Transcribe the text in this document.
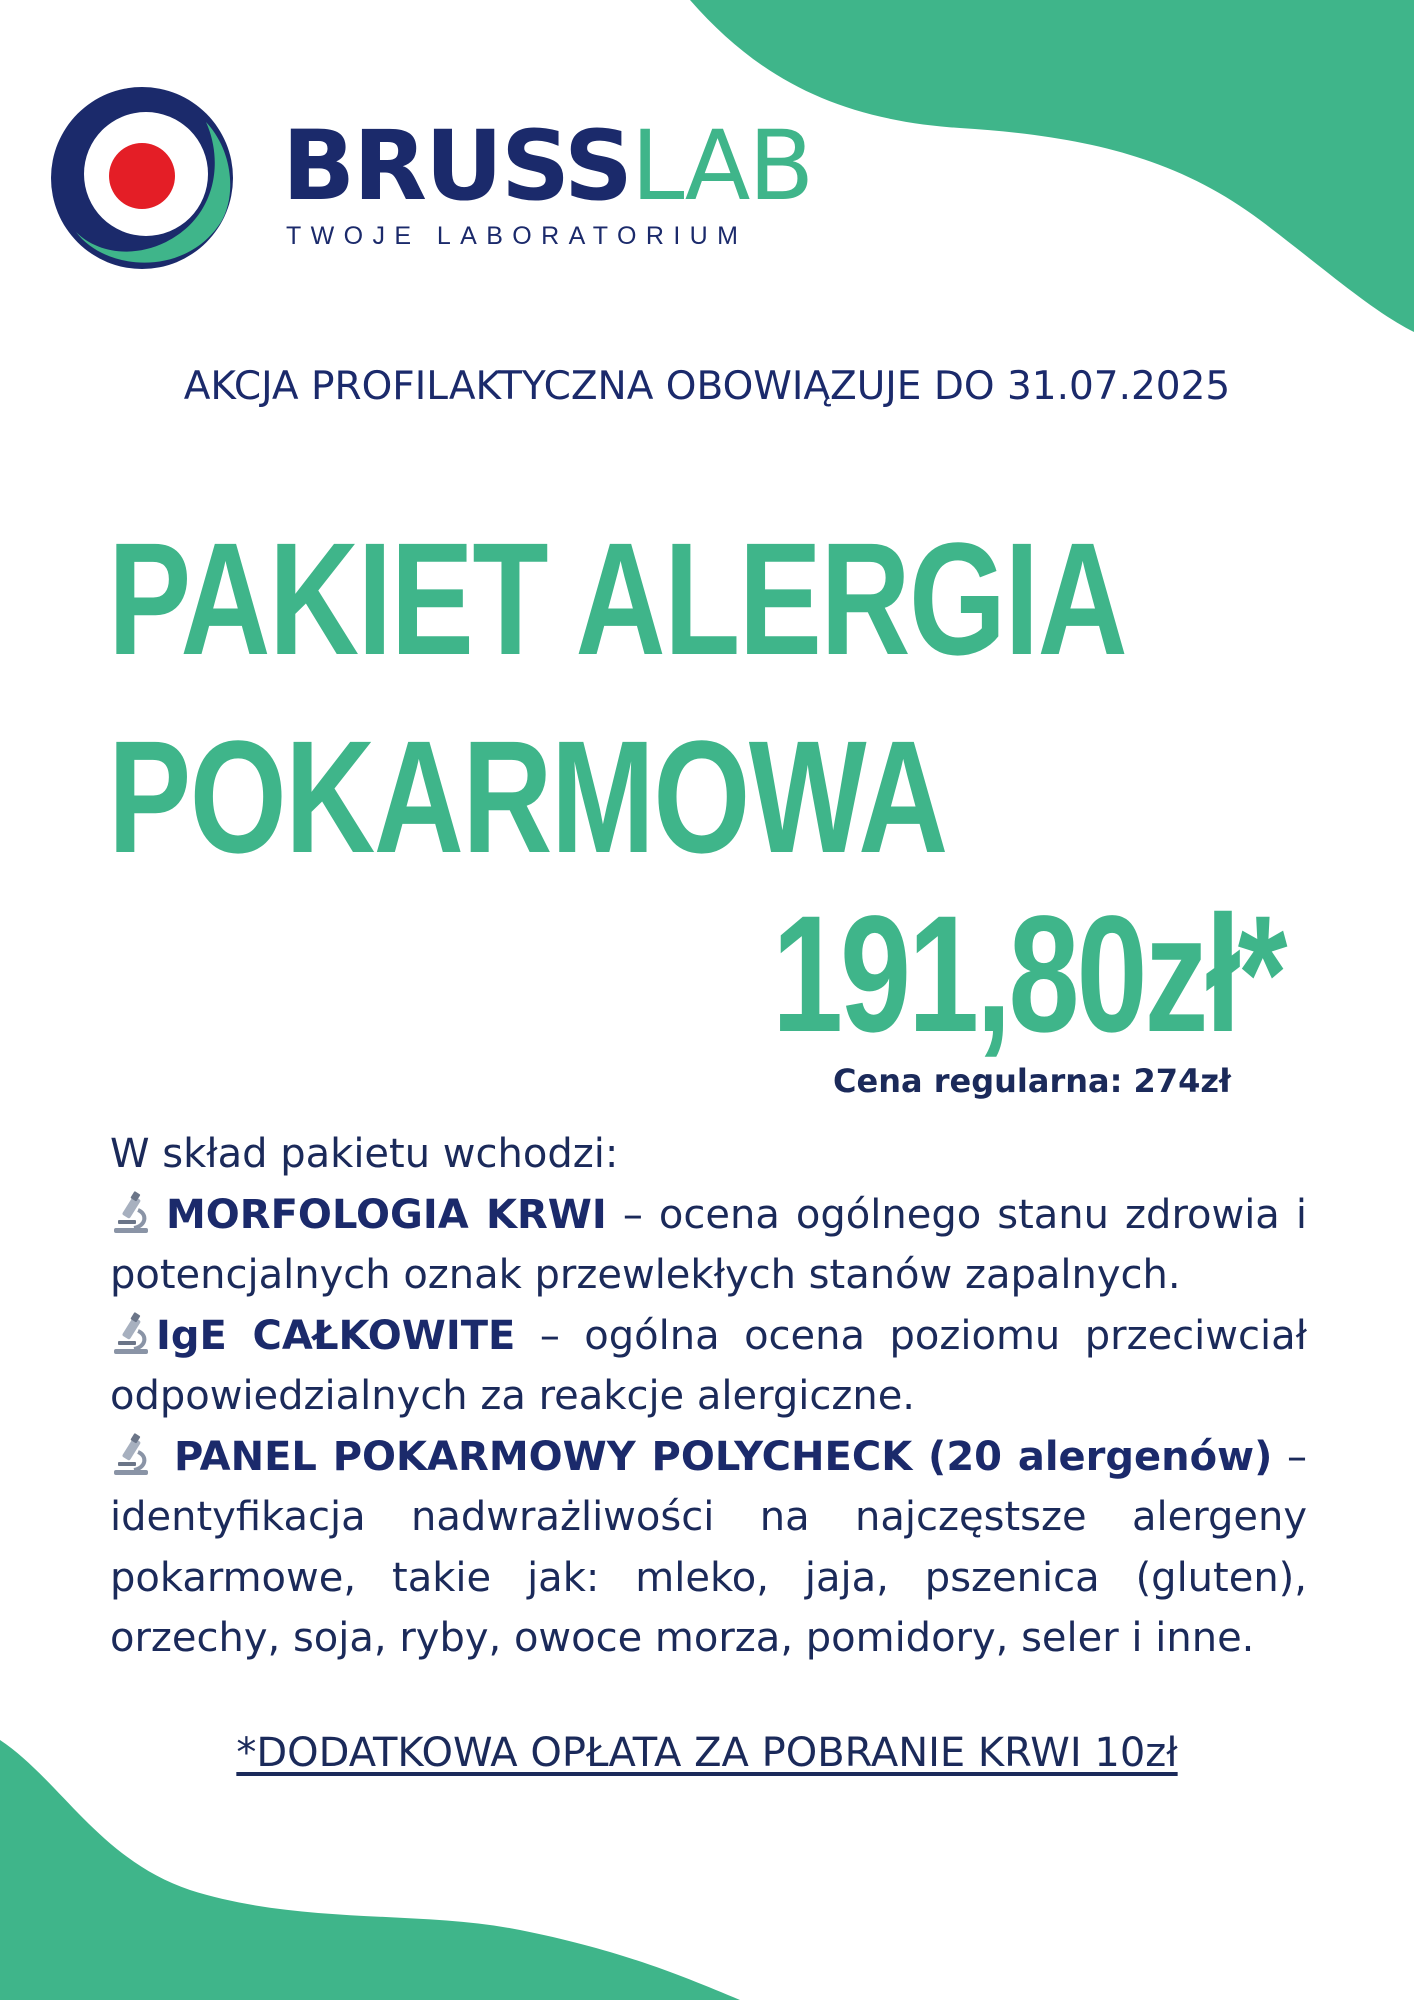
BRUSSLAB
TWOJE LABORATORIUM
AKCJA PROFILAKTYCZNA OBOWIĄZUJE DO 31.07.2025
PAKIET ALERGIA
POKARMOWA
191,80zł*
Cena regularna: 274zł

W skład pakietu wchodzi:

MORFOLOGIA KRWI – ocena ogólnego stanu zdrowia i potencjalnych oznak przewlekłych stanów zapalnych.

IgE CAŁKOWITE – ogólna ocena poziomu przeciwciał odpowiedzialnych za reakcje alergiczne.

PANEL POKARMOWY POLYCHECK (20 alergenów) – identyfikacja nadwrażliwości na najczęstsze alergeny pokarmowe, takie jak: mleko, jaja, pszenica (gluten), orzechy, soja, ryby, owoce morza, pomidory, seler i inne.

*DODATKOWA OPŁATA ZA POBRANIE KRWI 10zł
